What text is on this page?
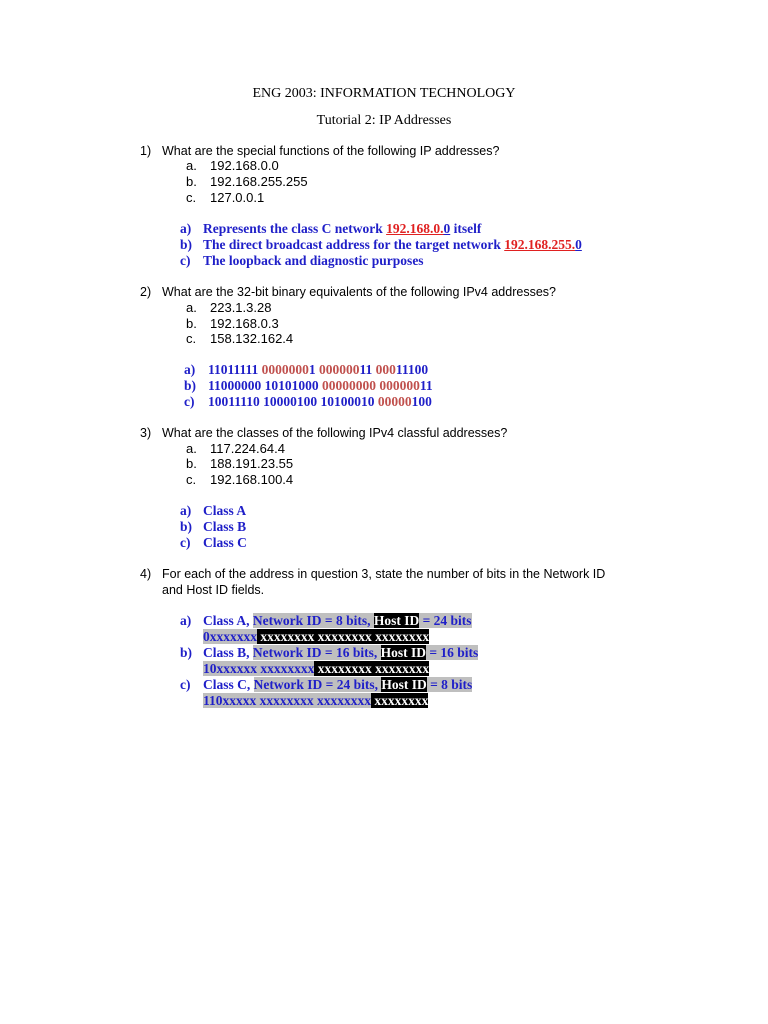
ENG 2003: INFORMATION TECHNOLOGY
Tutorial 2: IP Addresses
1) What are the special functions of the following IP addresses?
a. 192.168.0.0
b. 192.168.255.255
c. 127.0.0.1
a) Represents the class C network 192.168.0.0 itself
b) The direct broadcast address for the target network 192.168.255.0
c) The loopback and diagnostic purposes
2) What are the 32-bit binary equivalents of the following IPv4 addresses?
a. 223.1.3.28
b. 192.168.0.3
c. 158.132.162.4
a) 11011111 00000001 00000011 00011100
b) 11000000 10101000 00000000 00000011
c) 10011110 10000100 10100010 00000100
3) What are the classes of the following IPv4 classful addresses?
a. 117.224.64.4
b. 188.191.23.55
c. 192.168.100.4
a) Class A
b) Class B
c) Class C
4) For each of the address in question 3, state the number of bits in the Network ID
and Host ID fields.
a) Class A, Network ID = 8 bits, Host ID = 24 bits
0xxxxxxx xxxxxxxx xxxxxxxx xxxxxxxx
b) Class B, Network ID = 16 bits, Host ID = 16 bits
10xxxxxx xxxxxxxx xxxxxxxx xxxxxxxx
c) Class C, Network ID = 24 bits, Host ID = 8 bits
110xxxxx xxxxxxxx xxxxxxxx xxxxxxxx
